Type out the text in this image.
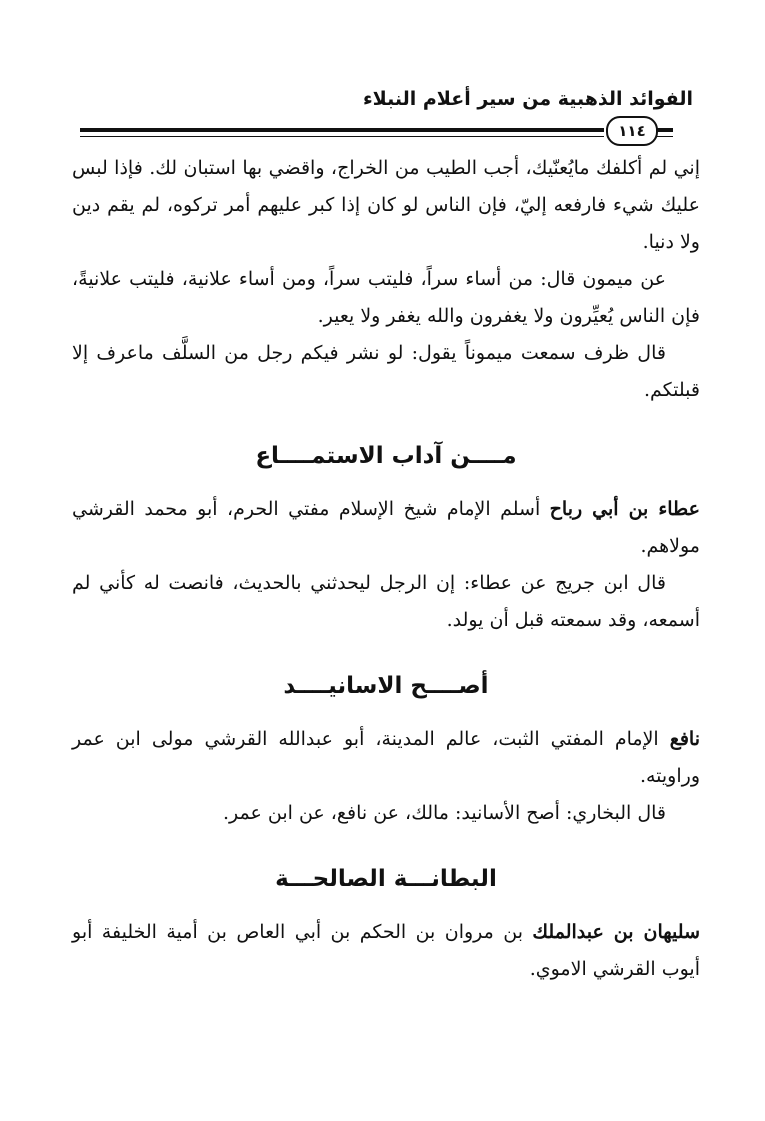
الفوائد الذهبية من سير أعلام النبلاء
١١٤

إني لم أكلفك مايُعنّيك، أجب الطيب من الخراج، واقضي بها استبان لك. فإذا لبس عليك شيء فارفعه إليّ، فإن الناس لو كان إذا كبر عليهم أمر تركوه، لم يقم دين ولا دنيا.

عن ميمون قال: من أساء سراً، فليتب سراً، ومن أساء علانية، فليتب علانيةً، فإن الناس يُعيِّرون ولا يغفرون والله يغفر ولا يعير.

قال ظرف سمعت ميموناً يقول: لو نشر فيكم رجل من السلَّف ماعرف إلا قبلتكم.

مــــن آداب الاستمــــاع

عطاء بن أبي رباح أسلم الإمام شيخ الإسلام مفتي الحرم، أبو محمد القرشي مولاهم.

قال ابن جريج عن عطاء: إن الرجل ليحدثني بالحديث، فانصت له كأني لم أسمعه، وقد سمعته قبل أن يولد.

أصــــح الاسانيــــد

نافع الإمام المفتي الثبت، عالم المدينة، أبو عبدالله القرشي مولى ابن عمر وراويته.

قال البخاري: أصح الأسانيد: مالك، عن نافع، عن ابن عمر.

البطانـــة الصالحـــة

سليهان بن عبدالملك بن مروان بن الحكم بن أبي العاص بن أمية الخليفة أبو أيوب القرشي الاموي.
